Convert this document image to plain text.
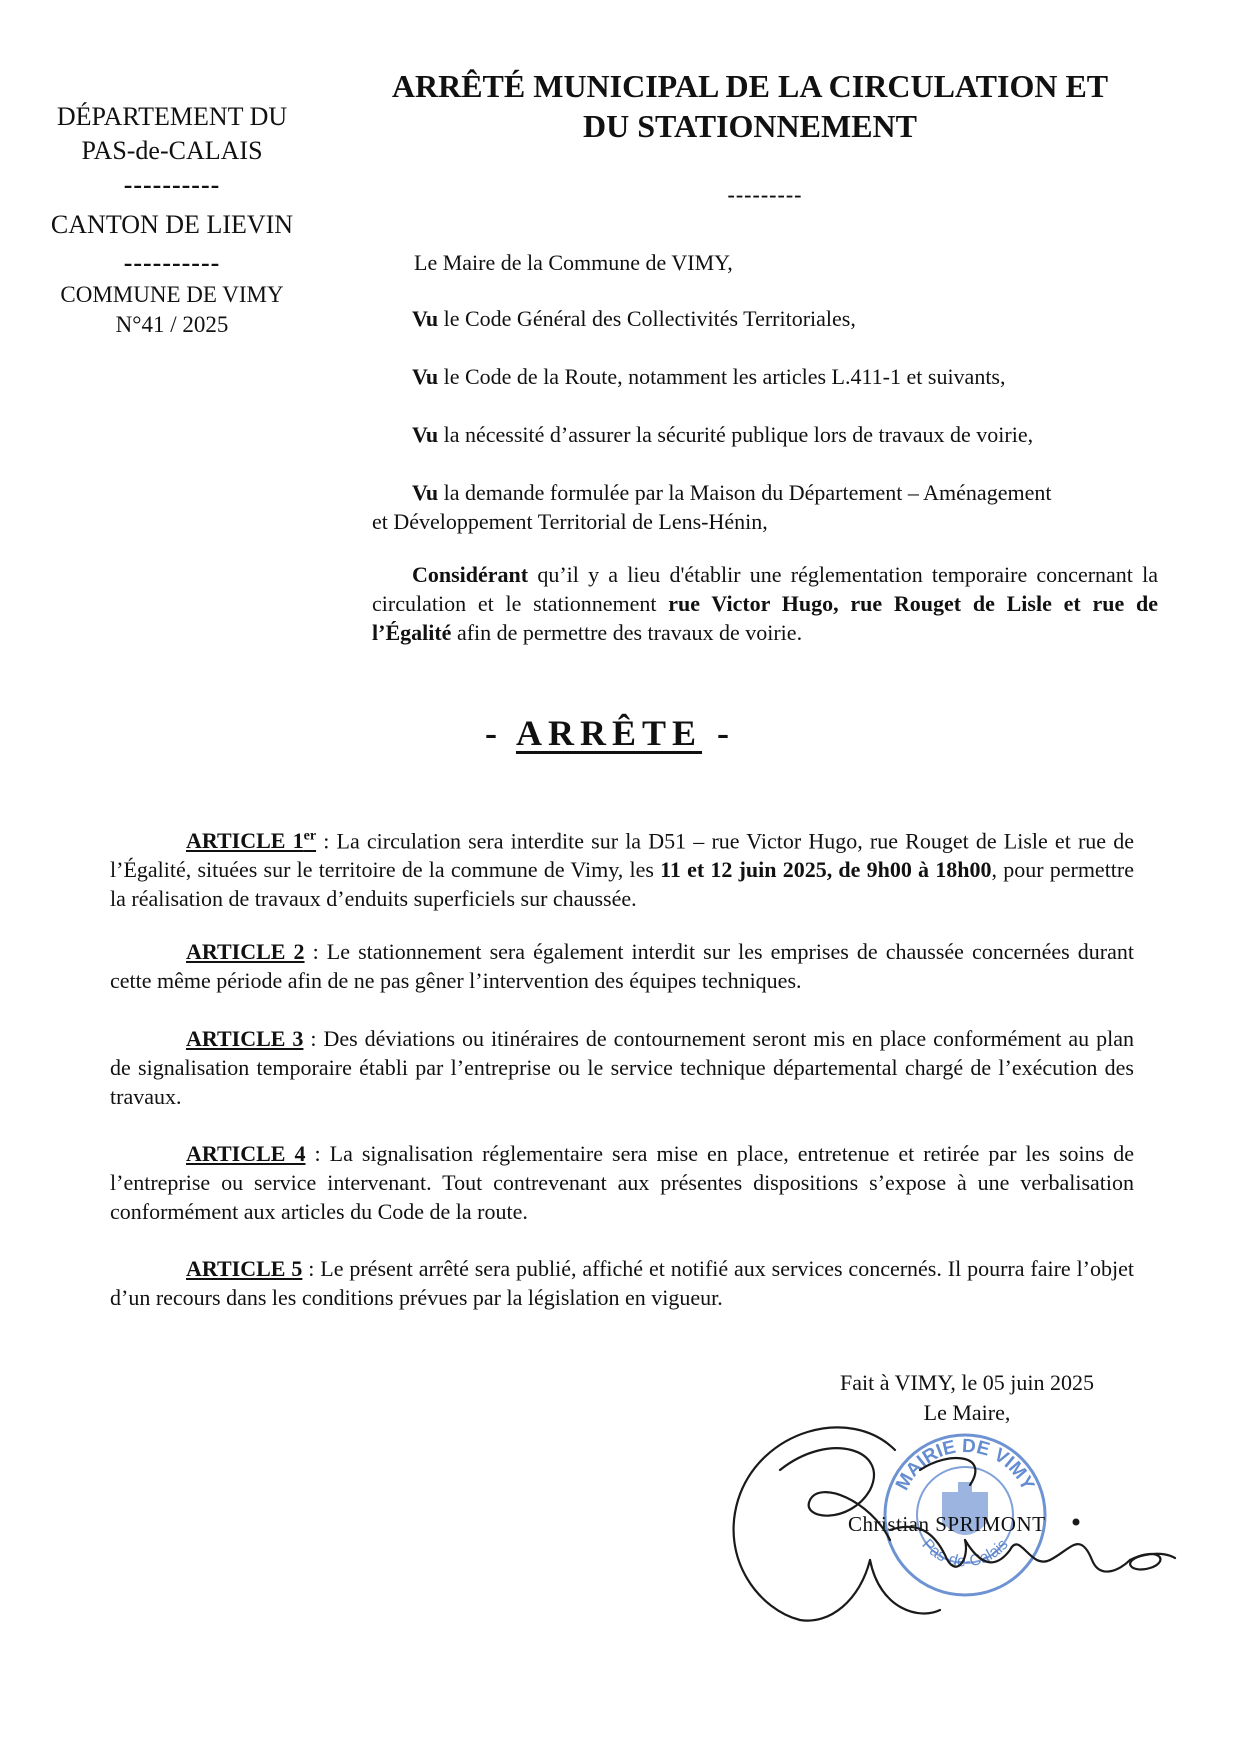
DÉPARTEMENT DU
PAS-de-CALAIS
----------
CANTON DE LIEVIN
----------
COMMUNE DE VIMY
N°41 / 2025
ARRÊTÉ MUNICIPAL DE LA CIRCULATION ET
DU STATIONNEMENT
---------
Le Maire de la Commune de VIMY,
Vu le Code Général des Collectivités Territoriales,
Vu le Code de la Route, notamment les articles L.411-1 et suivants,
Vu la nécessité d’assurer la sécurité publique lors de travaux de voirie,
Vu la demande formulée par la Maison du Département – Aménagement
et Développement Territorial de Lens-Hénin,
Considérant qu’il y a lieu d'établir une réglementation temporaire concernant la circulation et le stationnement rue Victor Hugo, rue Rouget de Lisle et rue de l’Égalité afin de permettre des travaux de voirie.
- ARRÊTE -
ARTICLE 1er : La circulation sera interdite sur la D51 – rue Victor Hugo, rue Rouget de Lisle et rue de l’Égalité, situées sur le territoire de la commune de Vimy, les 11 et 12 juin 2025, de 9h00 à 18h00, pour permettre la réalisation de travaux d’enduits superficiels sur chaussée.
ARTICLE 2 : Le stationnement sera également interdit sur les emprises de chaussée concernées durant cette même période afin de ne pas gêner l’intervention des équipes techniques.
ARTICLE 3 : Des déviations ou itinéraires de contournement seront mis en place conformément au plan de signalisation temporaire établi par l’entreprise ou le service technique départemental chargé de l’exécution des travaux.
ARTICLE 4 : La signalisation réglementaire sera mise en place, entretenue et retirée par les soins de l’entreprise ou service intervenant. Tout contrevenant aux présentes dispositions s’expose à une verbalisation conformément aux articles du Code de la route.
ARTICLE 5 : Le présent arrêté sera publié, affiché et notifié aux services concernés. Il pourra faire l’objet d’un recours dans les conditions prévues par la législation en vigueur.
Fait à VIMY, le 05 juin 2025
Le Maire,
MAIRIE DE VIMY
Pas-de-Calais
Christian SPRIMONT
